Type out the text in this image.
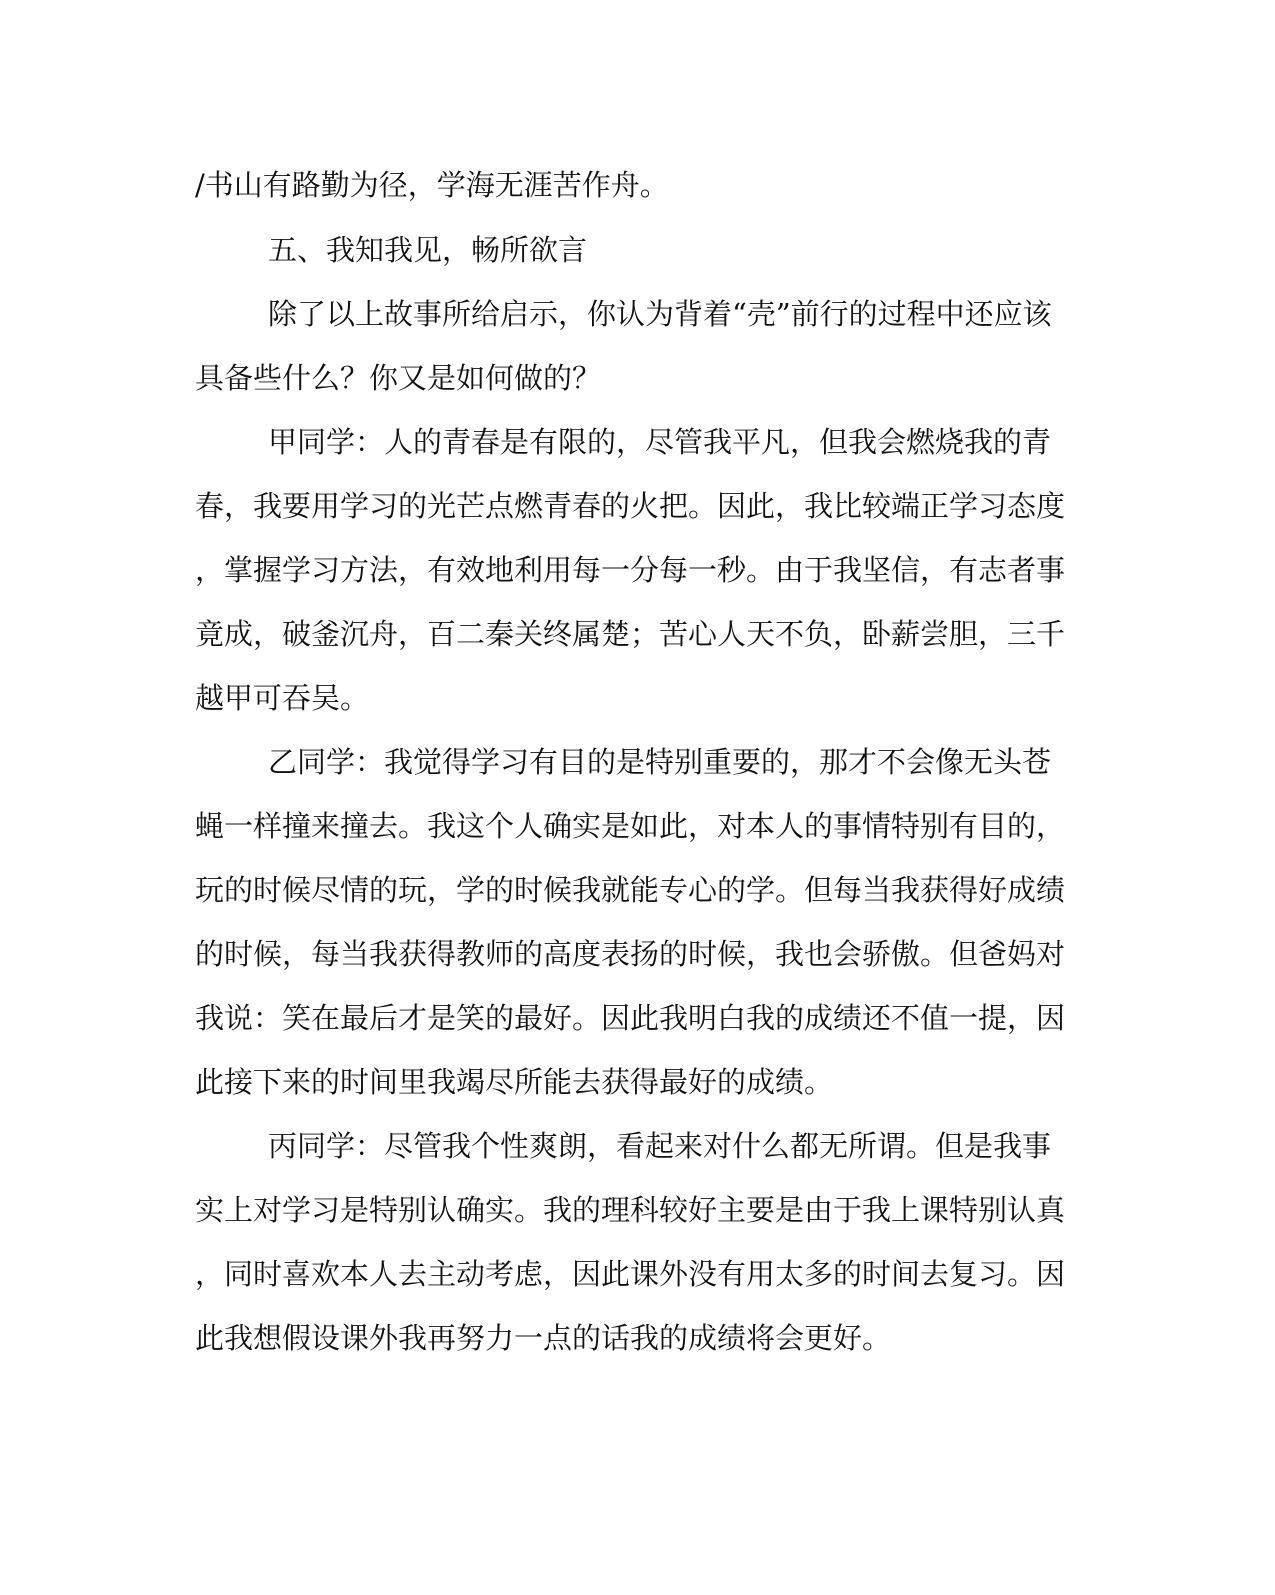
/书山有路勤为径，学海无涯苦作舟。
五、我知我见，畅所欲言
除了以上故事所给启示，你认为背着“壳”前行的过程中还应该
具备些什么？你又是如何做的？
甲同学：人的青春是有限的，尽管我平凡，但我会燃烧我的青
春，我要用学习的光芒点燃青春的火把。因此，我比较端正学习态度
，掌握学习方法，有效地利用每一分每一秒。由于我坚信，有志者事
竟成，破釜沉舟，百二秦关终属楚；苦心人天不负，卧薪尝胆，三千
越甲可吞吴。
乙同学：我觉得学习有目的是特别重要的，那才不会像无头苍
蝇一样撞来撞去。我这个人确实是如此，对本人的事情特别有目的，
玩的时候尽情的玩，学的时候我就能专心的学。但每当我获得好成绩
的时候，每当我获得教师的高度表扬的时候，我也会骄傲。但爸妈对
我说：笑在最后才是笑的最好。因此我明白我的成绩还不值一提，因
此接下来的时间里我竭尽所能去获得最好的成绩。
丙同学：尽管我个性爽朗，看起来对什么都无所谓。但是我事
实上对学习是特别认确实。我的理科较好主要是由于我上课特别认真
，同时喜欢本人去主动考虑，因此课外没有用太多的时间去复习。因
此我想假设课外我再努力一点的话我的成绩将会更好。
